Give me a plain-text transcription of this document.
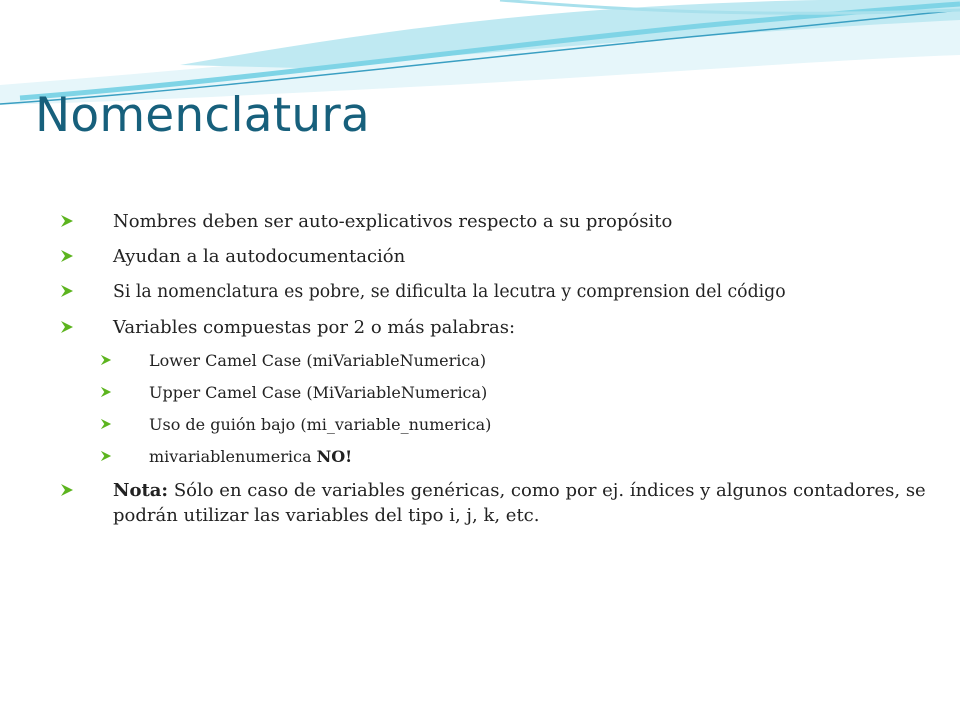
Nomenclatura
Nombres deben ser auto-explicativos respecto a su propósito
Ayudan a la autodocumentación
Si la nomenclatura es pobre, se dificulta la lecutra y comprension del código
Variables compuestas por 2 o más palabras:
Lower Camel Case (miVariableNumerica)
Upper Camel Case (MiVariableNumerica)
Uso de guión bajo (mi_variable_numerica)
mivariablenumerica NO!
Nota: Sólo en caso de variables genéricas, como por ej. índices y algunos contadores, se podrán utilizar las variables del tipo i, j, k, etc.
